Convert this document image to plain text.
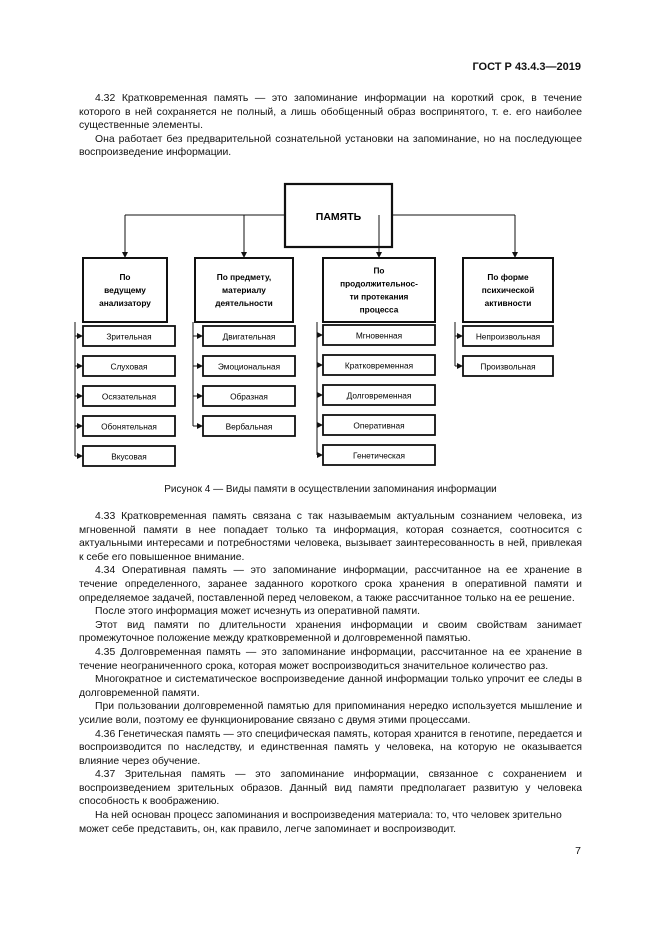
ГОСТ Р 43.4.3—2019

4.32 Кратковременная память — это запоминание информации на короткий срок, в течение которого в ней сохраняется не полный, а лишь обобщенный образ воспринятого, т. е. его наиболее существенные элементы.

Она работает без предварительной сознательной установки на запоминание, но на последующее воспроизведение информации.

ПАМЯТЬ
По
ведущему
анализатору
Зрительная
Слуховая
Осязательная
Обонятельная
Вкусовая
По предмету,
материалу
деятельности
Двигательная
Эмоциональная
Образная
Вербальная
По
продолжительнос-
ти протекания
процесса
Мгновенная
Кратковременная
Долговременная
Оперативная
Генетическая
По форме
психической
активности
Непроизвольная
Произвольная
Рисунок 4 — Виды памяти в осуществлении запоминания информации

4.33 Кратковременная память связана с так называемым актуальным сознанием человека, из мгновенной памяти в нее попадает только та информация, которая сознается, соотносится с актуальными интересами и потребностями человека, вызывает заинтересованность в ней, привлекая к себе его повышенное внимание.

4.34 Оперативная память — это запоминание информации, рассчитанное на ее хранение в течение определенного, заранее заданного короткого срока хранения в оперативной памяти и определяемое задачей, поставленной перед человеком, а также рассчитанное только на ее решение.

После этого информация может исчезнуть из оперативной памяти.

Этот вид памяти по длительности хранения информации и своим свойствам занимает промежуточное положение между кратковременной и долговременной памятью.

4.35 Долговременная память — это запоминание информации, рассчитанное на ее хранение в течение неограниченного срока, которая может воспроизводиться значительное количество раз.

Многократное и систематическое воспроизведение данной информации только упрочит ее следы в долговременной памяти.

При пользовании долговременной памятью для припоминания нередко используется мышление и усилие воли, поэтому ее функционирование связано с двумя этими процессами.

4.36 Генетическая память — это специфическая память, которая хранится в генотипе, передается и воспроизводится по наследству, и единственная память у человека, на которую не оказывается влияние через обучение.

4.37 Зрительная память — это запоминание информации, связанное с сохранением и воспроизведением зрительных образов. Данный вид памяти предполагает развитую у человека способность к воображению.

На ней основан процесс запоминания и воспроизведения материала: то, что человек зрительно может себе представить, он, как правило, легче запоминает и воспроизводит.

7
